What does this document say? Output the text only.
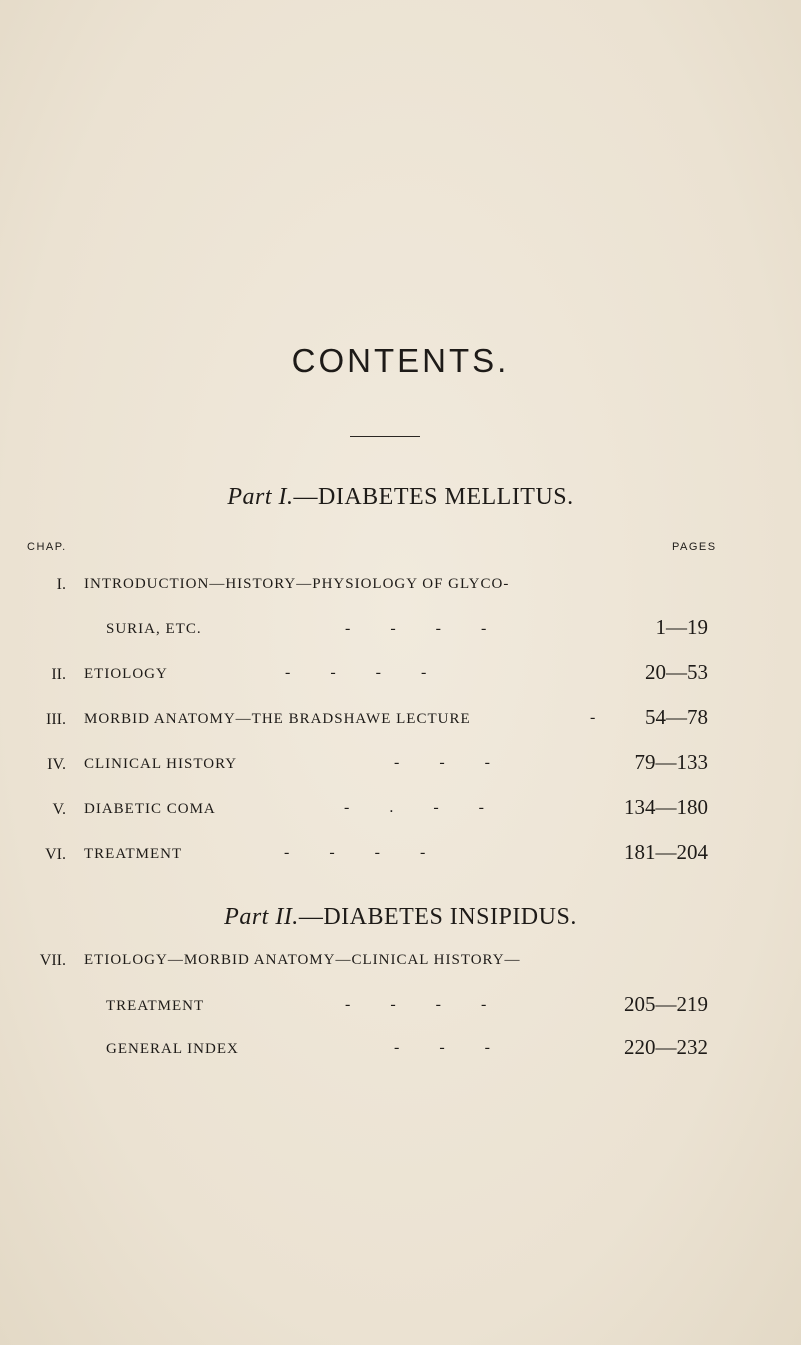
CONTENTS.
Part I.—DIABETES MELLITUS.
CHAP.	PAGES
I. INTRODUCTION—HISTORY—PHYSIOLOGY OF GLYCO-
SURIA, ETC.	-          -          -          -	1—19
II. ETIOLOGY	-          -          -          -	20—53
III. MORBID ANATOMY—THE BRADSHAWE LECTURE	-	54—78
IV. CLINICAL HISTORY	-          -          -	79—133
V. DIABETIC COMA	-          .          -          -	134—180
VI. TREATMENT	-          -          -          -	181—204
Part II.—DIABETES INSIPIDUS.
VII. ETIOLOGY—MORBID ANATOMY—CLINICAL HISTORY—
TREATMENT	-          -          -          -	205—219
GENERAL INDEX	-          -          -	220—232
